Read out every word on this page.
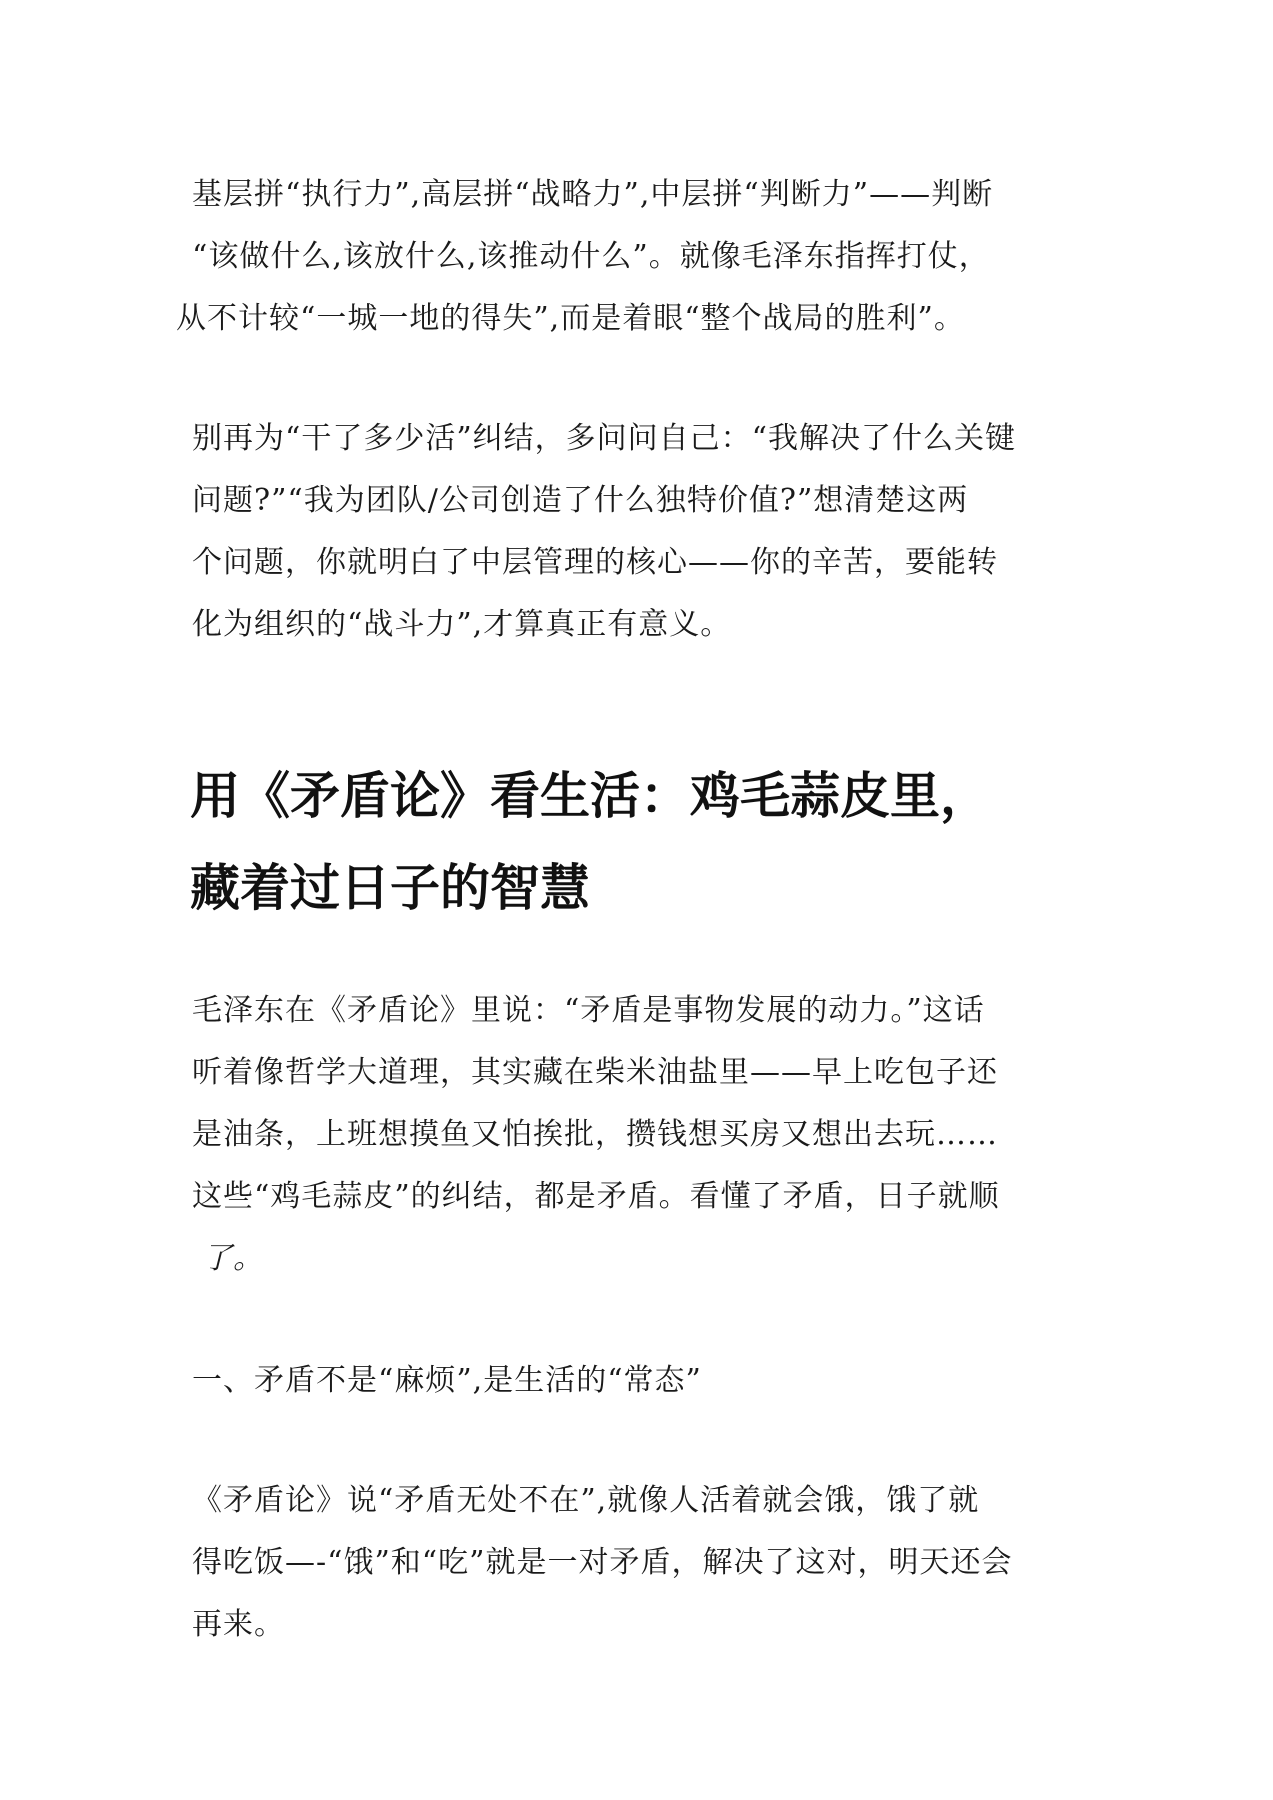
基层拼“执行力”,高层拼“战略力”,中层拼“判断力”——判断
“该做什么,该放什么,该推动什么”。就像毛泽东指挥打仗，
从不计较“一城一地的得失”,而是着眼“整个战局的胜利”。

别再为“干了多少活”纠结，多问问自己：“我解决了什么关键
问题?”“我为团队/公司创造了什么独特价值?”想清楚这两
个问题，你就明白了中层管理的核心——你的辛苦，要能转
化为组织的“战斗力”,才算真正有意义。

用《矛盾论》看生活：鸡毛蒜皮里，
藏着过日子的智慧

毛泽东在《矛盾论》里说：“矛盾是事物发展的动力。”这话
听着像哲学大道理，其实藏在柴米油盐里——早上吃包子还
是油条，上班想摸鱼又怕挨批，攒钱想买房又想出去玩……
这些“鸡毛蒜皮”的纠结，都是矛盾。看懂了矛盾，日子就顺
了。

一、矛盾不是“麻烦”,是生活的“常态”

《矛盾论》说“矛盾无处不在”,就像人活着就会饿，饿了就
得吃饭—-“饿”和“吃”就是一对矛盾，解决了这对，明天还会
再来。
